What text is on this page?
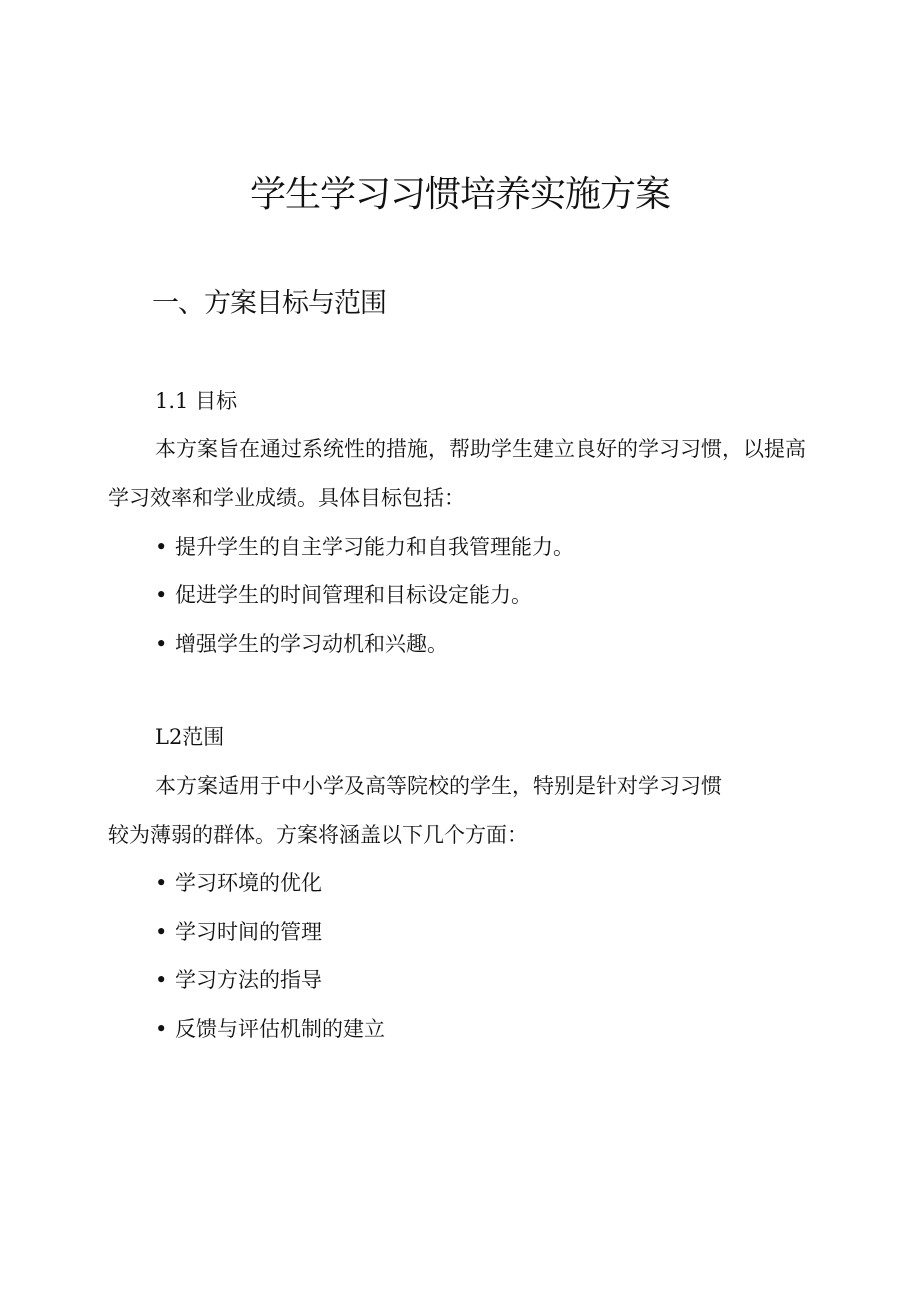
学生学习习惯培养实施方案
一、方案目标与范围

1.1 目标

本方案旨在通过系统性的措施，帮助学生建立良好的学习习惯，以提高

学习效率和学业成绩。具体目标包括：

• 提升学生的自主学习能力和自我管理能力。

• 促进学生的时间管理和目标设定能力。

• 增强学生的学习动机和兴趣。

L2范围

本方案适用于中小学及高等院校的学生，特别是针对学习习惯

较为薄弱的群体。方案将涵盖以下几个方面：

• 学习环境的优化

• 学习时间的管理

• 学习方法的指导

• 反馈与评估机制的建立
